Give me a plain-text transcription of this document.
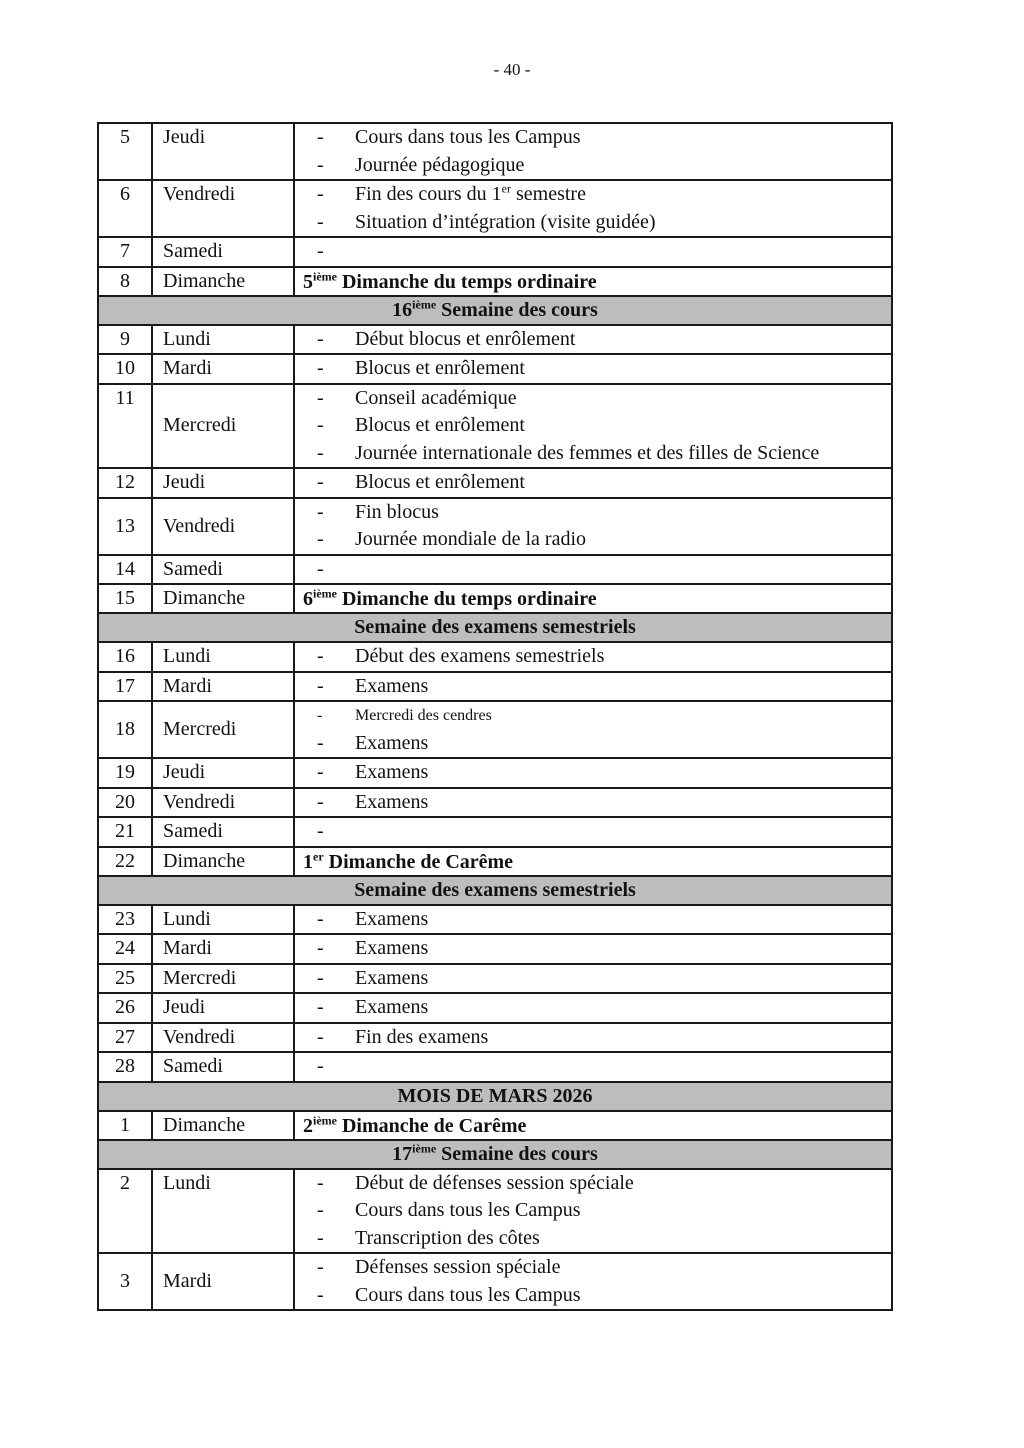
- 40 -
5	Jeudi	- Cours dans tous les Campus
- Journée pédagogique

6	Vendredi	- Fin des cours du 1er semestre
- Situation d’intégration (visite guidée)

7	Samedi	-

8	Dimanche	5ième Dimanche du temps ordinaire

16ième Semaine des cours		
9	Lundi	- Début blocus et enrôlement

10	Mardi	- Blocus et enrôlement

11	Mercredi	
-	Conseil académique
-	Blocus et enrôlement
-	Journée internationale des femmes et des filles de Science

12	Jeudi	- Blocus et enrôlement

13	Vendredi	- Fin blocus
- Journée mondiale de la radio

14	Samedi	-

15	Dimanche	6ième Dimanche du temps ordinaire

Semaine des examens semestriels		
16	Lundi	- Début des examens semestriels

17	Mardi	- Examens

18	Mercredi	- Mercredi des cendres
- Examens

19	Jeudi	- Examens

20	Vendredi	- Examens

21	Samedi	-

22	Dimanche	1er Dimanche de Carême

Semaine des examens semestriels		
23	Lundi	- Examens

24	Mardi	- Examens

25	Mercredi	- Examens

26	Jeudi	- Examens

27	Vendredi	- Fin des examens

28	Samedi	-

MOIS DE MARS 2026		
1	Dimanche	2ième Dimanche de Carême

17ième Semaine des cours		
2	Lundi	-	Début de défenses session spéciale
-	Cours dans tous les Campus
-	Transcription des côtes

3	Mardi	- Défenses session spéciale
- Cours dans tous les Campus
